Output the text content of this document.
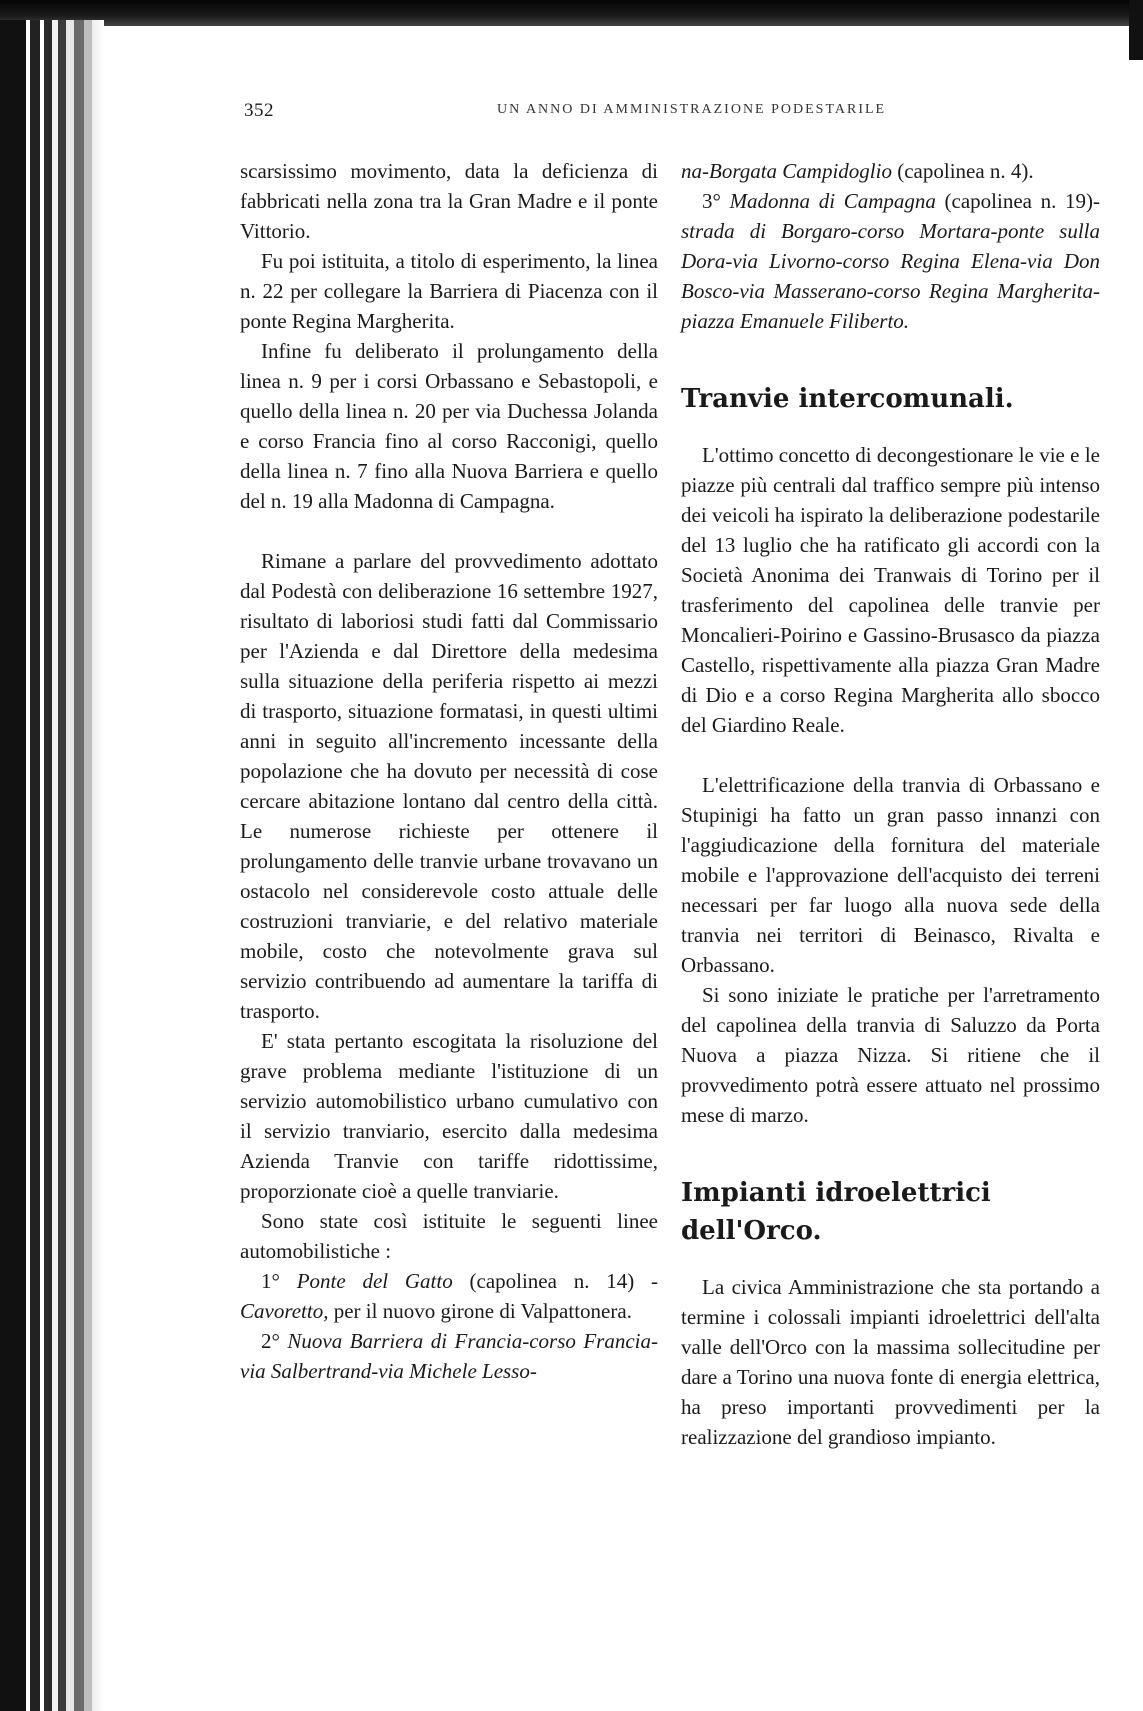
352	UN ANNO DI AMMINISTRAZIONE PODESTARILE

scarsissimo movimento, data la deficienza di fabbricati nella zona tra la Gran Madre e il ponte Vittorio.

Fu poi istituita, a titolo di esperimento, la linea n. 22 per collegare la Barriera di Piacenza con il ponte Regina Margherita.

Infine fu deliberato il prolungamento della linea n. 9 per i corsi Orbassano e Sebastopoli, e quello della linea n. 20 per via Duchessa Jolanda e corso Francia fino al corso Racconigi, quello della linea n. 7 fino alla Nuova Barriera e quello del n. 19 alla Madonna di Campagna.

Rimane a parlare del provvedimento adottato dal Podestà con deliberazione 16 settembre 1927, risultato di laboriosi studi fatti dal Commissario per l'Azienda e dal Direttore della medesima sulla situazione della periferia rispetto ai mezzi di trasporto, situazione formatasi, in questi ultimi anni in seguito all'incremento incessante della popolazione che ha dovuto per necessità di cose cercare abitazione lontano dal centro della città. Le numerose richieste per ottenere il prolungamento delle tranvie urbane trovavano un ostacolo nel considerevole costo attuale delle costruzioni tranviarie, e del relativo materiale mobile, costo che notevolmente grava sul servizio contribuendo ad aumentare la tariffa di trasporto.

E' stata pertanto escogitata la risoluzione del grave problema mediante l'istituzione di un servizio automobilistico urbano cumulativo con il servizio tranviario, esercito dalla medesima Azienda Tranvie con tariffe ridottissime, proporzionate cioè a quelle tranviarie.

Sono state così istituite le seguenti linee automobilistiche :

1° Ponte del Gatto (capolinea n. 14) - Cavoretto, per il nuovo girone di Valpattonera.

2° Nuova Barriera di Francia-corso Francia-via Salbertrand-via Michele Lesso-

na-Borgata Campidoglio (capolinea n. 4).

3° Madonna di Campagna (capolinea n. 19)-strada di Borgaro-corso Mortara-ponte sulla Dora-via Livorno-corso Regina Elena-via Don Bosco-via Masserano-corso Regina Margherita-piazza Emanuele Filiberto.

Tranvie intercomunali.

L'ottimo concetto di decongestionare le vie e le piazze più centrali dal traffico sempre più intenso dei veicoli ha ispirato la deliberazione podestarile del 13 luglio che ha ratificato gli accordi con la Società Anonima dei Tranwais di Torino per il trasferimento del capolinea delle tranvie per Moncalieri-Poirino e Gassino-Brusasco da piazza Castello, rispettivamente alla piazza Gran Madre di Dio e a corso Regina Margherita allo sbocco del Giardino Reale.

L'elettrificazione della tranvia di Orbassano e Stupinigi ha fatto un gran passo innanzi con l'aggiudicazione della fornitura del materiale mobile e l'approvazione dell'acquisto dei terreni necessari per far luogo alla nuova sede della tranvia nei territori di Beinasco, Rivalta e Orbassano.

Si sono iniziate le pratiche per l'arretramento del capolinea della tranvia di Saluzzo da Porta Nuova a piazza Nizza. Si ritiene che il provvedimento potrà essere attuato nel prossimo mese di marzo.

Impianti idroelettrici dell'Orco.

La civica Amministrazione che sta portando a termine i colossali impianti idroelettrici dell'alta valle dell'Orco con la massima sollecitudine per dare a Torino una nuova fonte di energia elettrica, ha preso importanti provvedimenti per la realizzazione del grandioso impianto.
